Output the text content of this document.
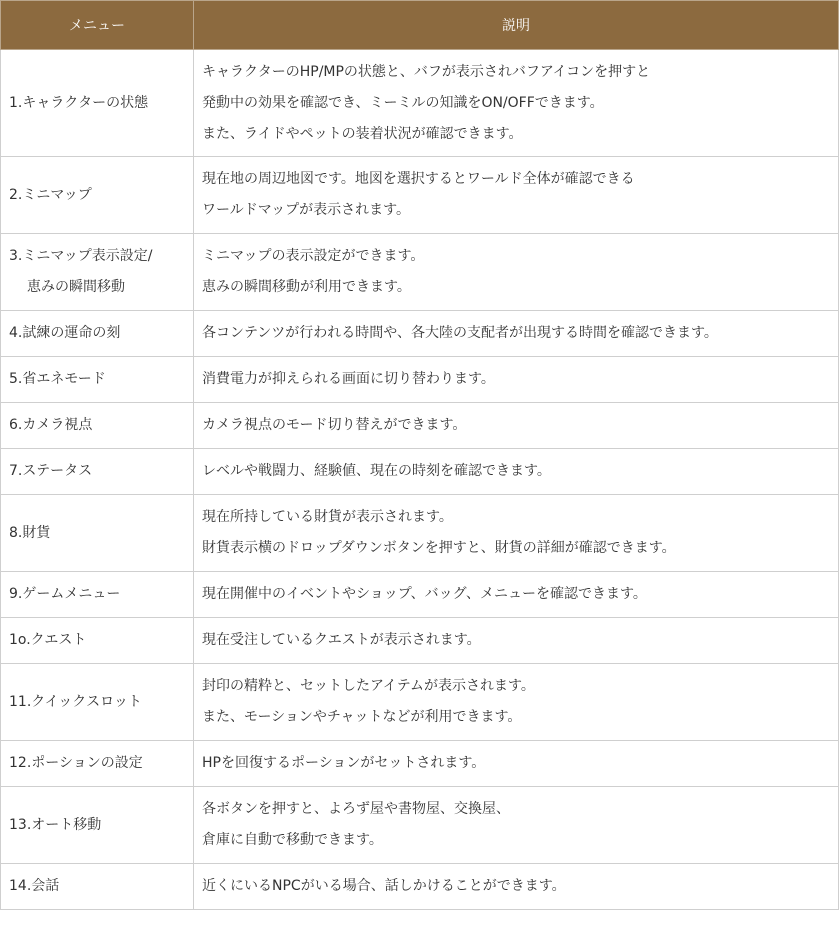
メニュー	説明

1.キャラクターの状態	キャラクターのHP/MPの状態と、バフが表示されバフアイコンを押すと
発動中の効果を確認でき、ミーミルの知識をON/OFFできます。
また、ライドやペットの装着状況が確認できます。

2.ミニマップ	現在地の周辺地図です。地図を選択するとワールド全体が確認できる
ワールドマップが表示されます。

3.ミニマップ表示設定/
恵みの瞬間移動	ミニマップの表示設定ができます。
恵みの瞬間移動が利用できます。

4.試練の運命の刻	各コンテンツが行われる時間や、各大陸の支配者が出現する時間を確認できます。

5.省エネモード	消費電力が抑えられる画面に切り替わります。

6.カメラ視点	カメラ視点のモード切り替えができます。

7.ステータス	レベルや戦闘力、経験値、現在の時刻を確認できます。

8.財貨	現在所持している財貨が表示されます。
財貨表示横のドロップダウンボタンを押すと、財貨の詳細が確認できます。

9.ゲームメニュー	現在開催中のイベントやショップ、バッグ、メニューを確認できます。

1o.クエスト	現在受注しているクエストが表示されます。

11.クイックスロット	封印の精粋と、セットしたアイテムが表示されます。
また、モーションやチャットなどが利用できます。

12.ポーションの設定	HPを回復するポーションがセットされます。

13.オート移動	各ボタンを押すと、よろず屋や書物屋、交換屋、
倉庫に自動で移動できます。

14.会話	近くにいるNPCがいる場合、話しかけることができます。
